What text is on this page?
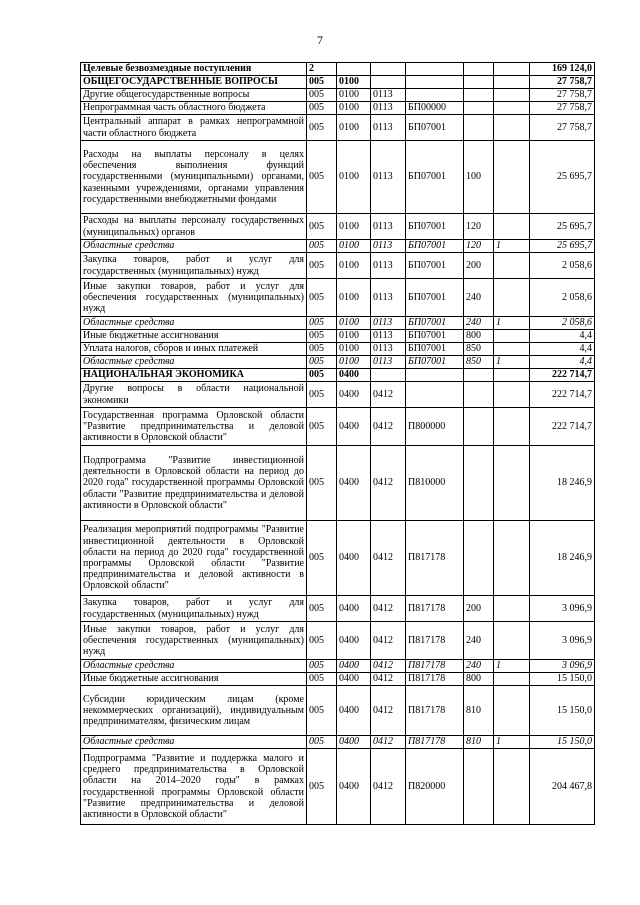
7
Целевые безвозмездные поступления	2						169 124,0
ОБЩЕГОСУДАРСТВЕННЫЕ ВОПРОСЫ	005	0100					27 758,7
Другие общегосударственные вопросы	005	0100	0113				27 758,7
Непрограммная часть областного бюджета	005	0100	0113	БП00000			27 758,7
Центральный аппарат в рамках непрограммной части областного бюджета	005	0100	0113	БП07001			27 758,7
Расходы на выплаты персоналу в целях обеспечения выполнения функций государственными (муниципальными) органами, казенными учреждениями, органами управления государственными внебюджетными фондами	005	0100	0113	БП07001	100		25 695,7
Расходы на выплаты персоналу государственных (муниципальных) органов	005	0100	0113	БП07001	120		25 695,7
Областные средства	005	0100	0113	БП07001	120	1	25 695,7
Закупка товаров, работ и услуг для государственных (муниципальных) нужд	005	0100	0113	БП07001	200		2 058,6
Иные закупки товаров, работ и услуг для обеспечения государственных (муниципальных) нужд	005	0100	0113	БП07001	240		2 058,6
Областные средства	005	0100	0113	БП07001	240	1	2 058,6
Иные бюджетные ассигнования	005	0100	0113	БП07001	800		4,4
Уплата налогов, сборов и иных платежей	005	0100	0113	БП07001	850		4,4
Областные средства	005	0100	0113	БП07001	850	1	4,4
НАЦИОНАЛЬНАЯ ЭКОНОМИКА	005	0400					222 714,7
Другие вопросы в области национальной экономики	005	0400	0412				222 714,7
Государственная программа Орловской области "Развитие предпринимательства и деловой активности в Орловской области"	005	0400	0412	П800000			222 714,7
Подпрограмма "Развитие инвестиционной деятельности в Орловской области на период до 2020 года" государственной программы Орловской области "Развитие предпринимательства и деловой активности в Орловской области"	005	0400	0412	П810000			18 246,9
Реализация мероприятий подпрограммы "Развитие инвестиционной деятельности в Орловской области на период до 2020 года" государственной программы Орловской области "Развитие предпринимательства и деловой активности в Орловской области"	005	0400	0412	П817178			18 246,9
Закупка товаров, работ и услуг для государственных (муниципальных) нужд	005	0400	0412	П817178	200		3 096,9
Иные закупки товаров, работ и услуг для обеспечения государственных (муниципальных) нужд	005	0400	0412	П817178	240		3 096,9
Областные средства	005	0400	0412	П817178	240	1	3 096,9
Иные бюджетные ассигнования	005	0400	0412	П817178	800		15 150,0
Субсидии юридическим лицам (кроме некоммерческих организаций), индивидуальным предпринимателям, физическим лицам	005	0400	0412	П817178	810		15 150,0
Областные средства	005	0400	0412	П817178	810	1	15 150,0
Подпрограмма "Развитие и поддержка малого и среднего предпринимательства в Орловской области на 2014–2020 годы" в рамках государственной программы Орловской области "Развитие предпринимательства и деловой активности в Орловской области"	005	0400	0412	П820000			204 467,8
